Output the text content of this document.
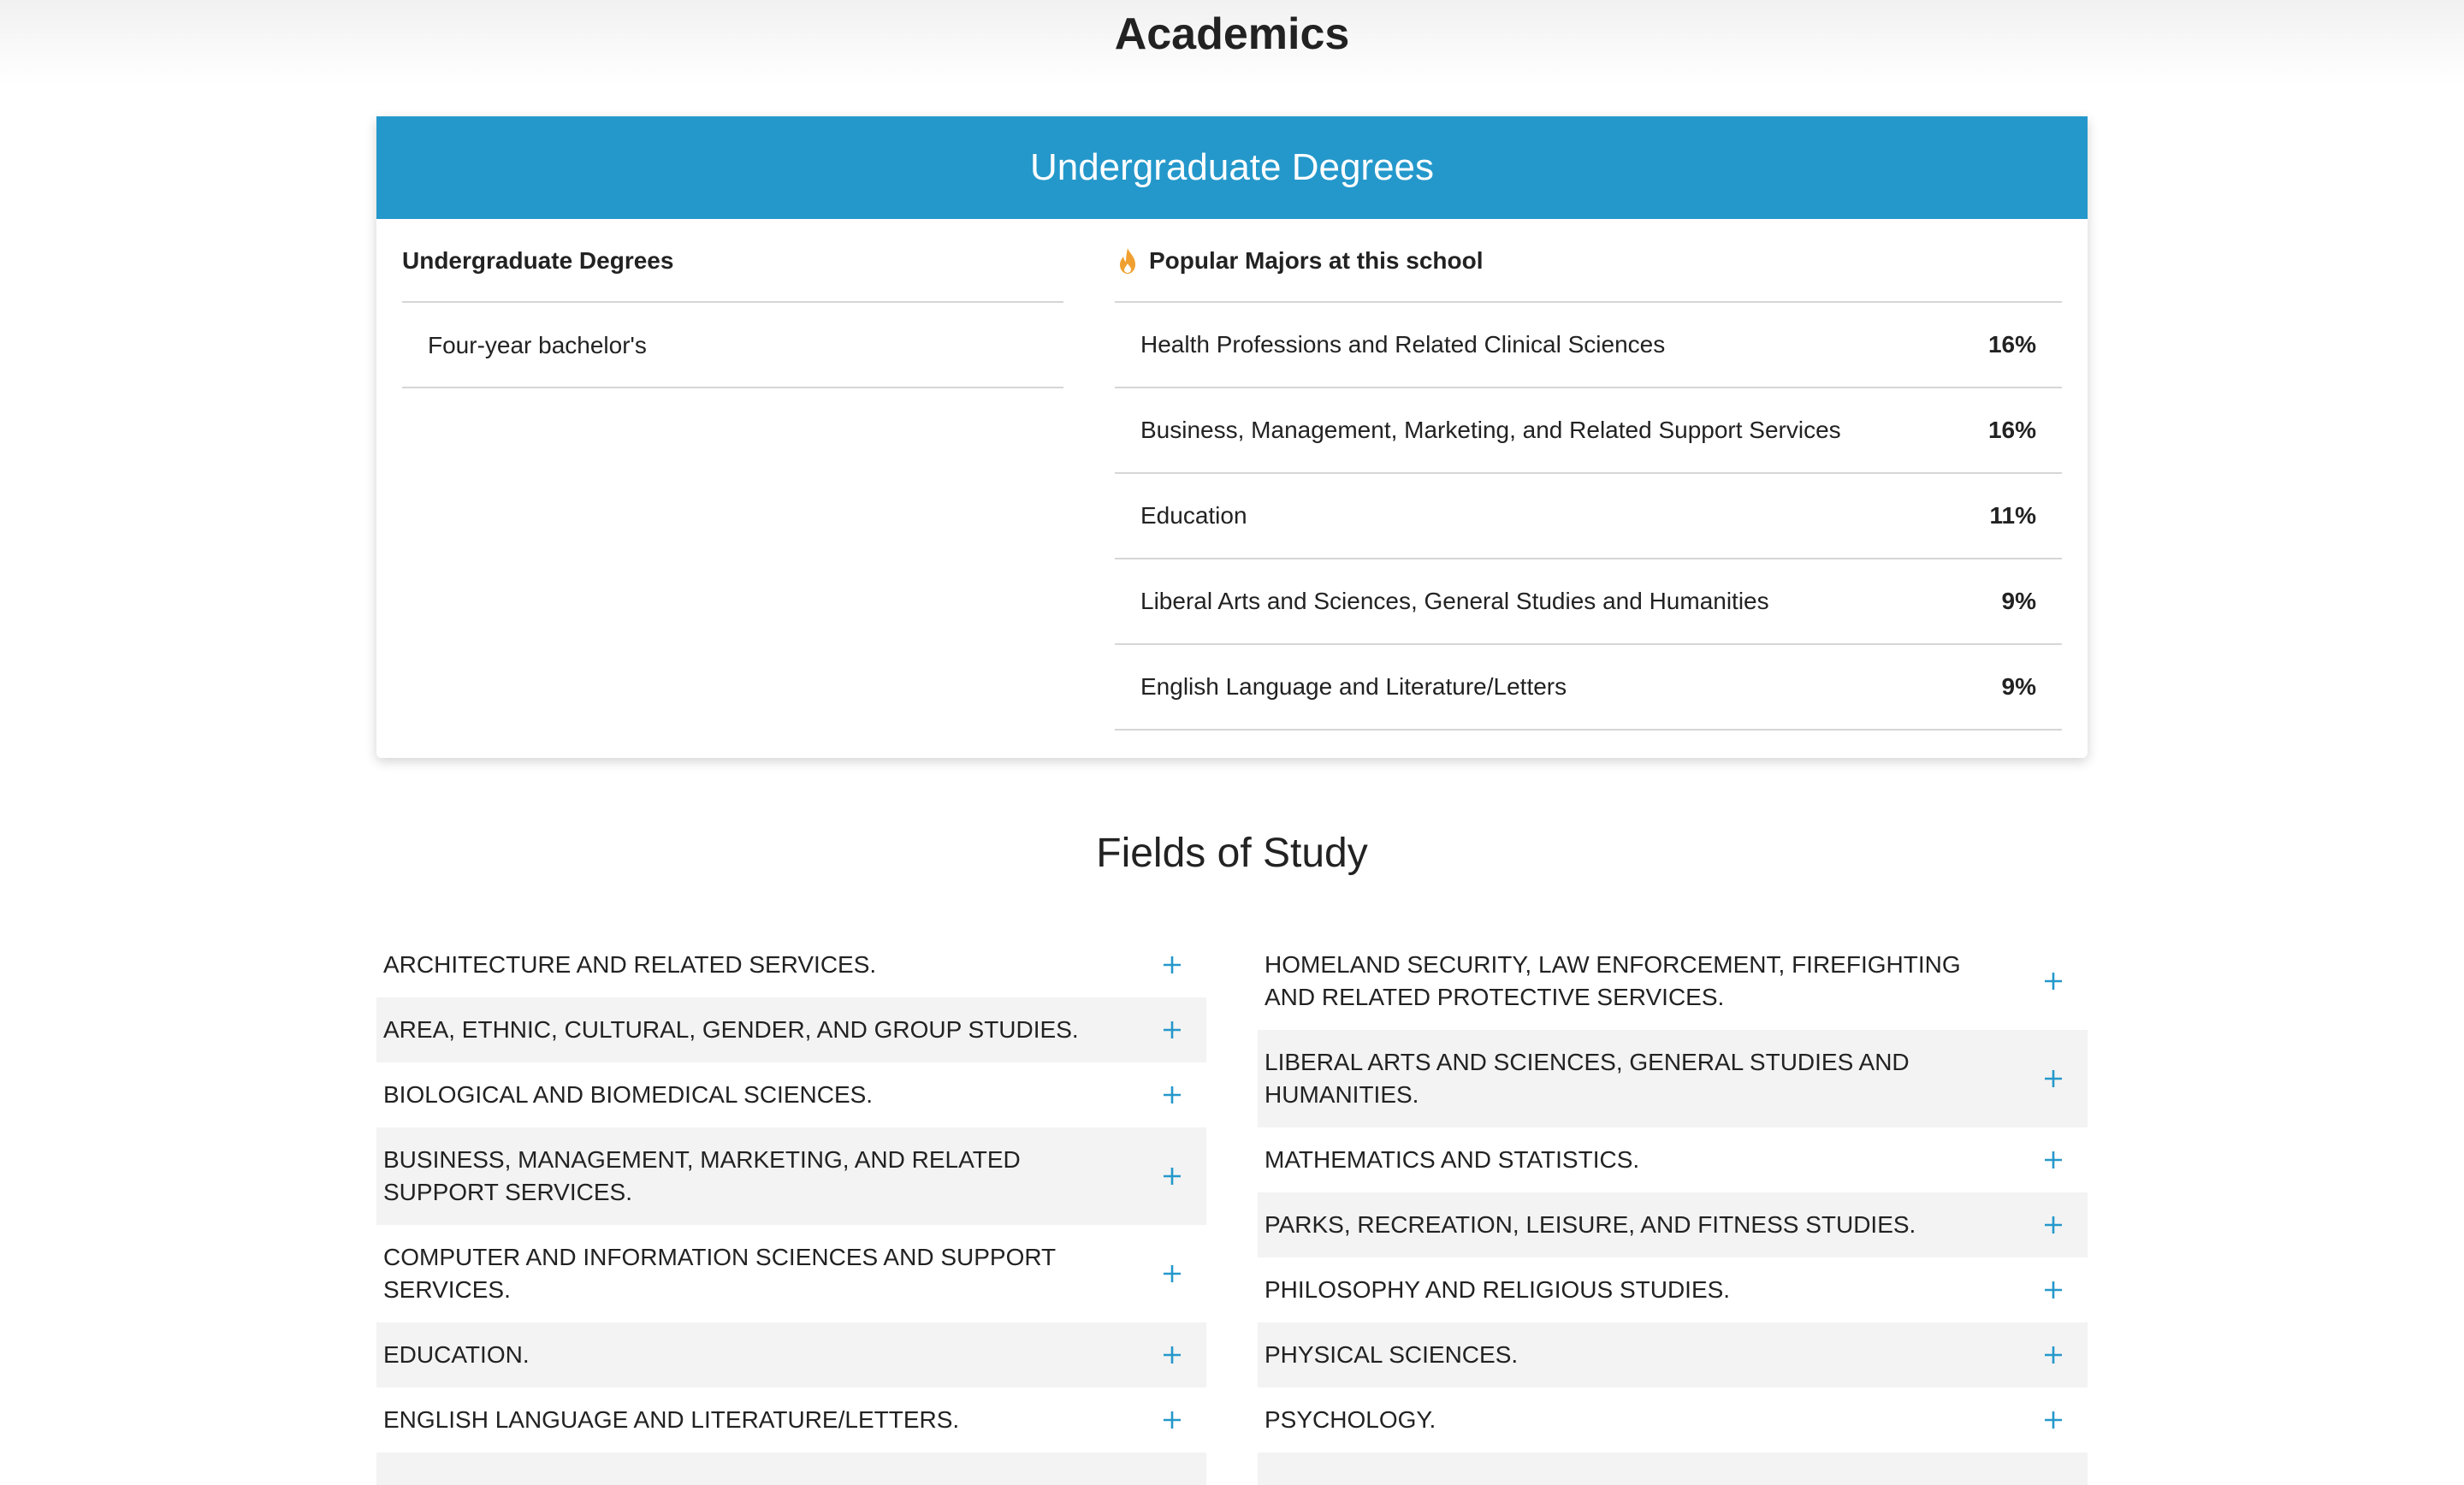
Academics
Undergraduate Degrees
Undergraduate Degrees
Four-year bachelor's
Popular Majors at this school
Health Professions and Related Clinical Sciences	16%
Business, Management, Marketing, and Related Support Services	16%
Education	11%
Liberal Arts and Sciences, General Studies and Humanities	9%
English Language and Literature/Letters	9%
Fields of Study
ARCHITECTURE AND RELATED SERVICES.
AREA, ETHNIC, CULTURAL, GENDER, AND GROUP STUDIES.
BIOLOGICAL AND BIOMEDICAL SCIENCES.
BUSINESS, MANAGEMENT, MARKETING, AND RELATED SUPPORT SERVICES.
COMPUTER AND INFORMATION SCIENCES AND SUPPORT SERVICES.
EDUCATION.
ENGLISH LANGUAGE AND LITERATURE/LETTERS.
HOMELAND SECURITY, LAW ENFORCEMENT, FIREFIGHTING AND RELATED PROTECTIVE SERVICES.
LIBERAL ARTS AND SCIENCES, GENERAL STUDIES AND HUMANITIES.
MATHEMATICS AND STATISTICS.
PARKS, RECREATION, LEISURE, AND FITNESS STUDIES.
PHILOSOPHY AND RELIGIOUS STUDIES.
PHYSICAL SCIENCES.
PSYCHOLOGY.
